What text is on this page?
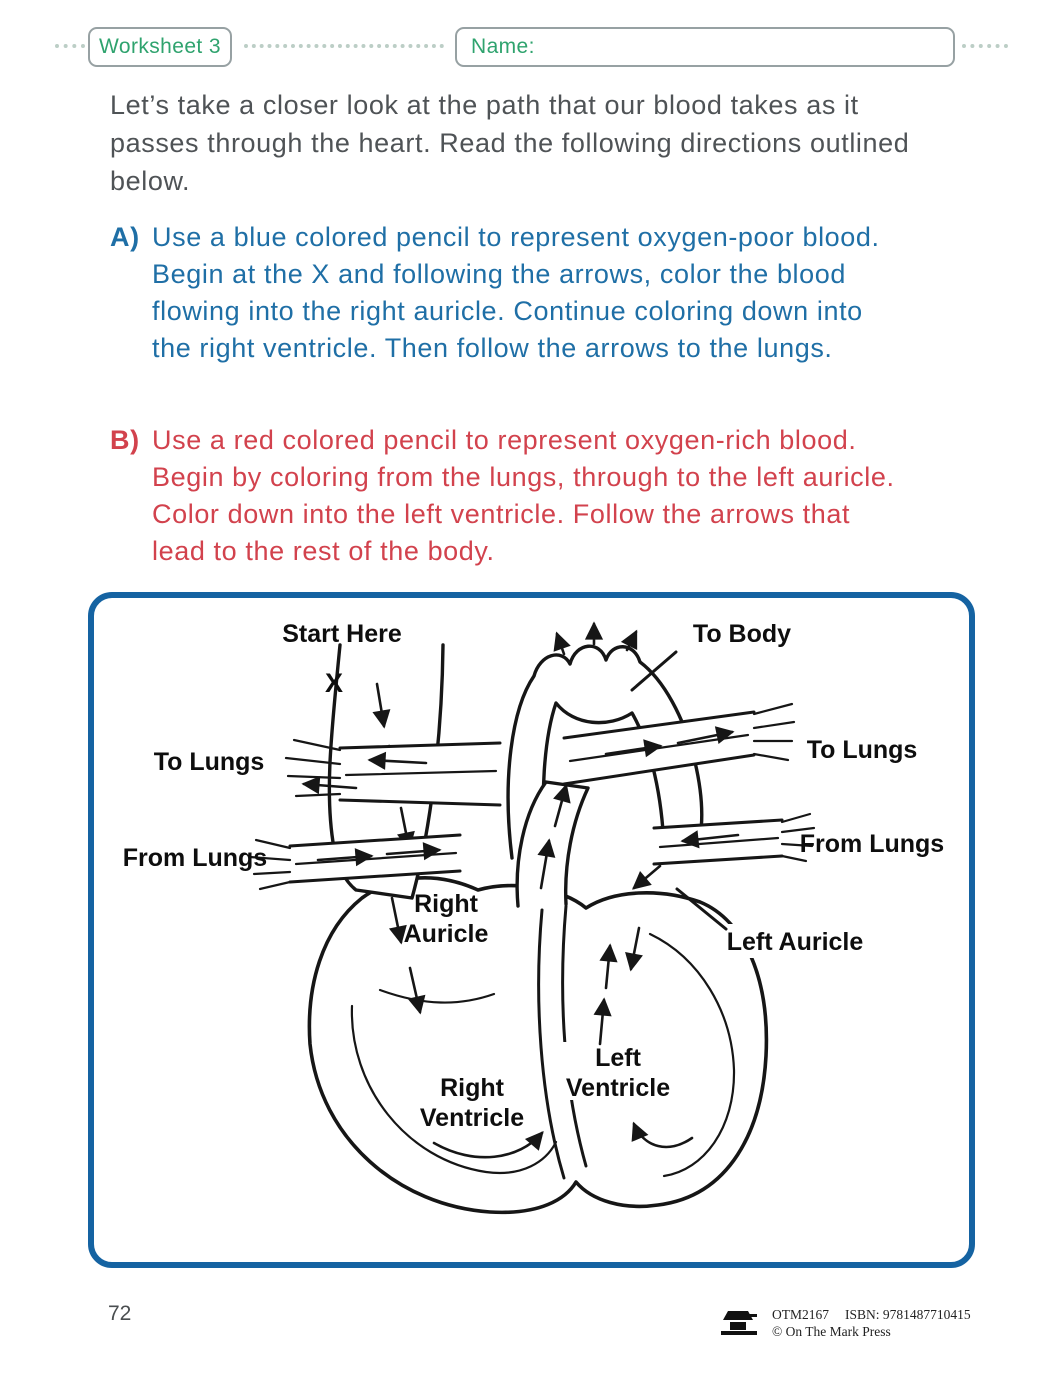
Worksheet 3	Name:
Let’s take a closer look at the path that our blood takes as it passes through the heart. Read the following directions outlined below.
A) Use a blue colored pencil to represent oxygen-poor blood. Begin at the X and following the arrows, color the blood flowing into the right auricle. Continue coloring down into the right ventricle. Then follow the arrows to the lungs.
B) Use a red colored pencil to represent oxygen-rich blood. Begin by coloring from the lungs, through to the left auricle. Color down into the left ventricle. Follow the arrows that lead to the rest of the body.
Start Here
X
To Body
To Lungs
From Lungs
To Lungs
From Lungs
Right
Auricle	Left Auricle
Right
Ventricle
Left
Ventricle
72	OTM2167 ISBN: 9781487710415
© On The Mark Press
